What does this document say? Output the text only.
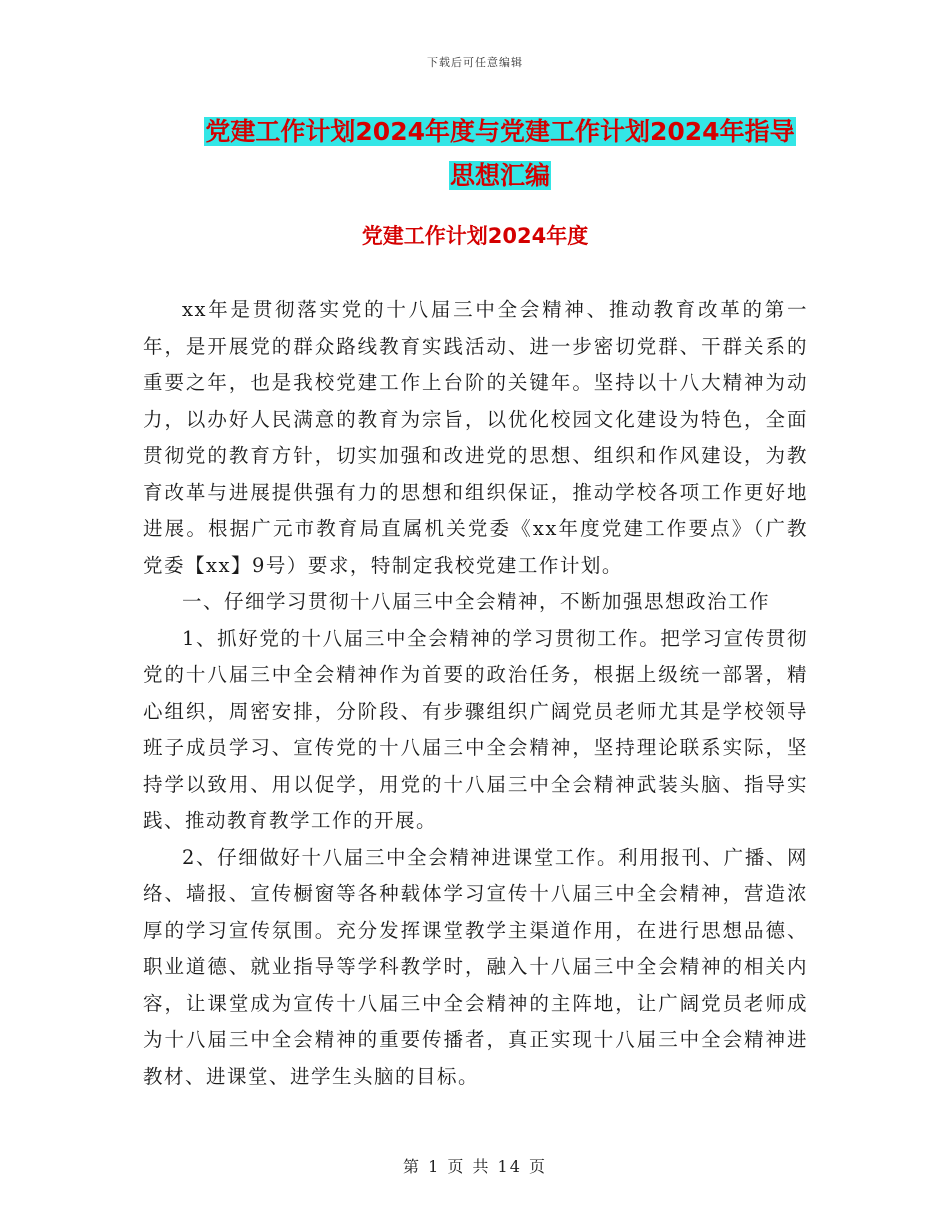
下载后可任意编辑
党建工作计划2024年度与党建工作计划2024年指导
思想汇编
党建工作计划2024年度

xx年是贯彻落实党的十八届三中全会精神、推动教育改革的第一年，是开展党的群众路线教育实践活动、进一步密切党群、干群关系的重要之年，也是我校党建工作上台阶的关键年。坚持以十八大精神为动力，以办好人民满意的教育为宗旨，以优化校园文化建设为特色，全面贯彻党的教育方针，切实加强和改进党的思想、组织和作风建设，为教育改革与进展提供强有力的思想和组织保证，推动学校各项工作更好地进展。根据广元市教育局直属机关党委《xx年度党建工作要点》（广教党委【xx】9号）要求，特制定我校党建工作计划。

一、仔细学习贯彻十八届三中全会精神，不断加强思想政治工作

1、抓好党的十八届三中全会精神的学习贯彻工作。把学习宣传贯彻党的十八届三中全会精神作为首要的政治任务，根据上级统一部署，精心组织，周密安排，分阶段、有步骤组织广阔党员老师尤其是学校领导班子成员学习、宣传党的十八届三中全会精神，坚持理论联系实际，坚持学以致用、用以促学，用党的十八届三中全会精神武装头脑、指导实践、推动教育教学工作的开展。

2、仔细做好十八届三中全会精神进课堂工作。利用报刊、广播、网络、墙报、宣传橱窗等各种载体学习宣传十八届三中全会精神，营造浓厚的学习宣传氛围。充分发挥课堂教学主渠道作用，在进行思想品德、职业道德、就业指导等学科教学时，融入十八届三中全会精神的相关内容，让课堂成为宣传十八届三中全会精神的主阵地，让广阔党员老师成为十八届三中全会精神的重要传播者，真正实现十八届三中全会精神进教材、进课堂、进学生头脑的目标。

第 1 页 共 14 页
